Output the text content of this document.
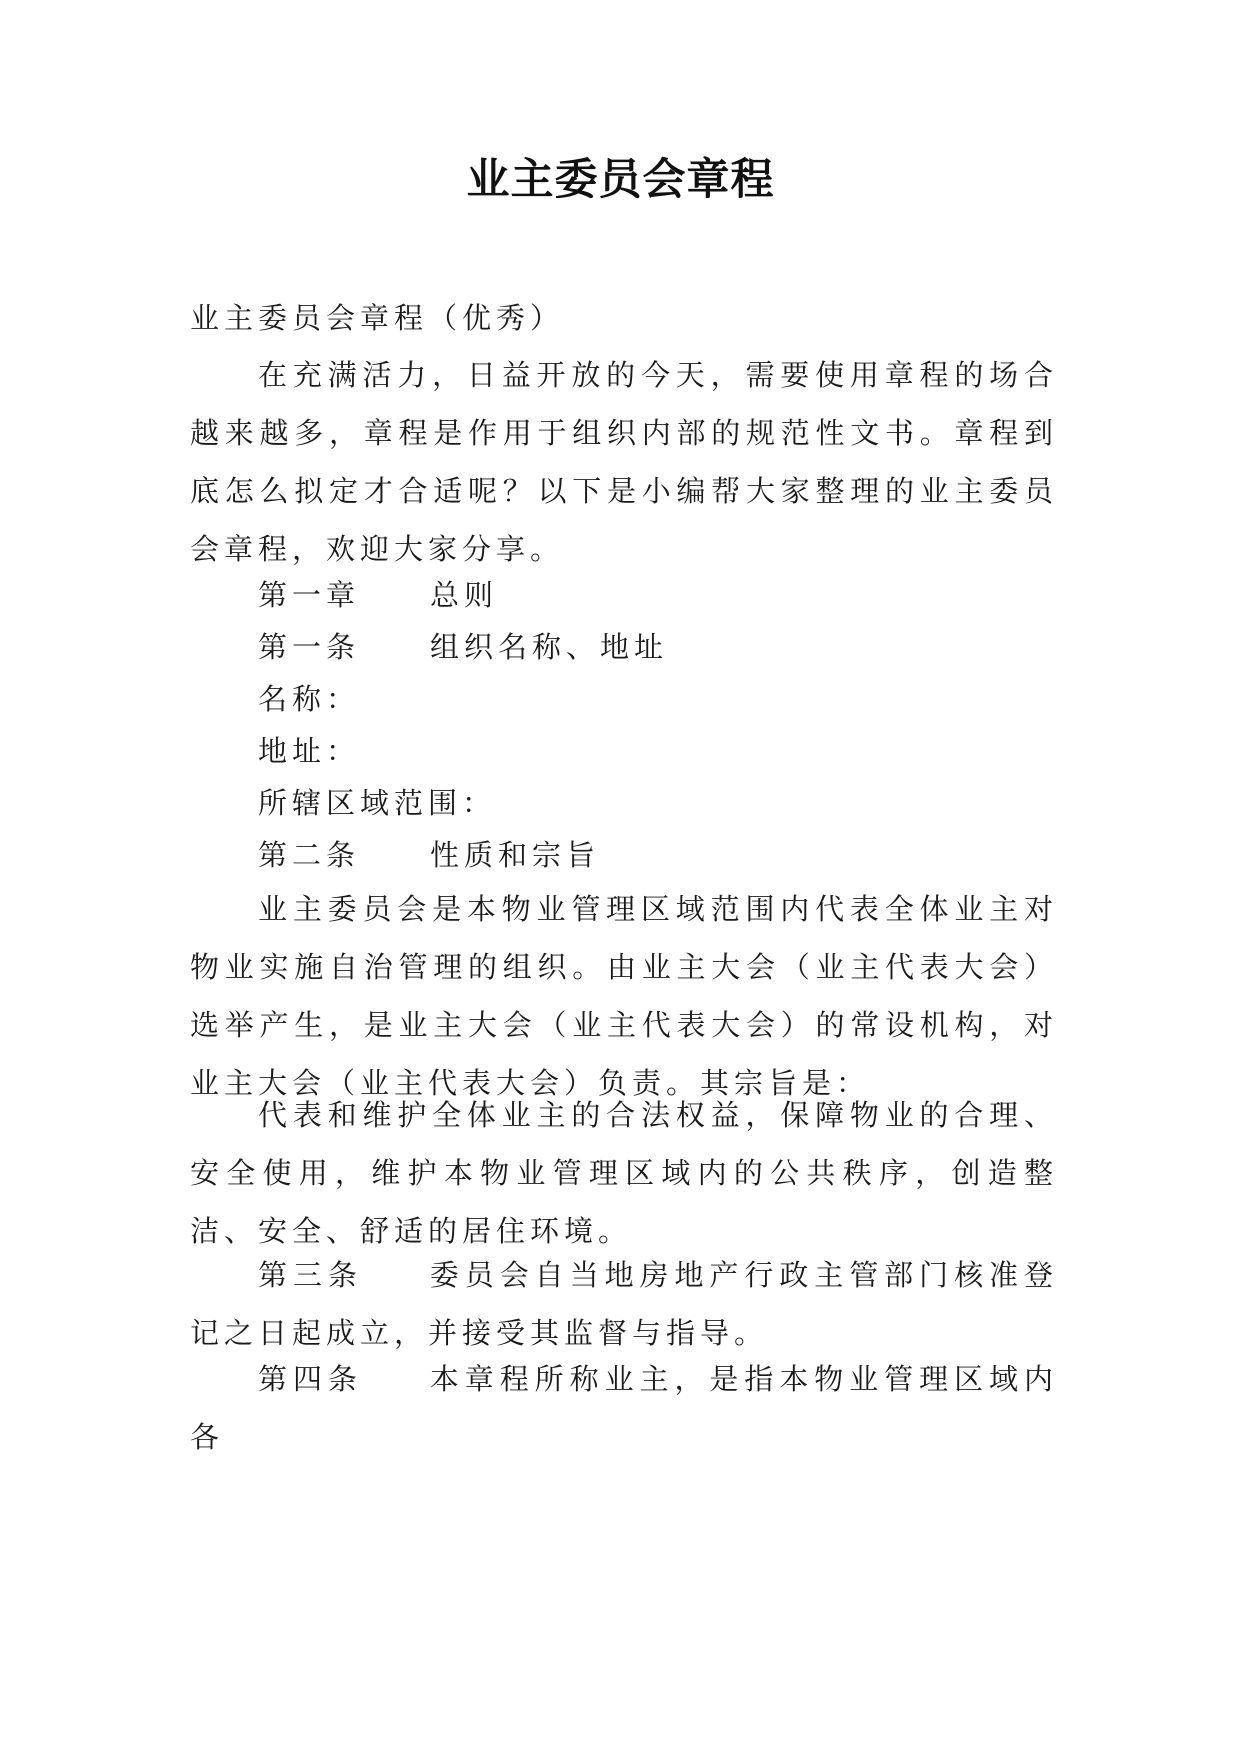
业主委员会章程

业主委员会章程（优秀）

在充满活力，日益开放的今天，需要使用章程的场合越来越多，章程是作用于组织内部的规范性文书。章程到底怎么拟定才合适呢？以下是小编帮大家整理的业主委员会章程，欢迎大家分享。

第一章 总则

第一条 组织名称、地址

名称：

地址：

所辖区域范围：

第二条 性质和宗旨

业主委员会是本物业管理区域范围内代表全体业主对物业实施自治管理的组织。由业主大会（业主代表大会）选举产生，是业主大会（业主代表大会）的常设机构，对业主大会（业主代表大会）负责。其宗旨是：

代表和维护全体业主的合法权益，保障物业的合理、安全使用，维护本物业管理区域内的公共秩序，创造整洁、安全、舒适的居住环境。

第三条 委员会自当地房地产行政主管部门核准登记之日起成立，并接受其监督与指导。

第四条 本章程所称业主，是指本物业管理区域内各
